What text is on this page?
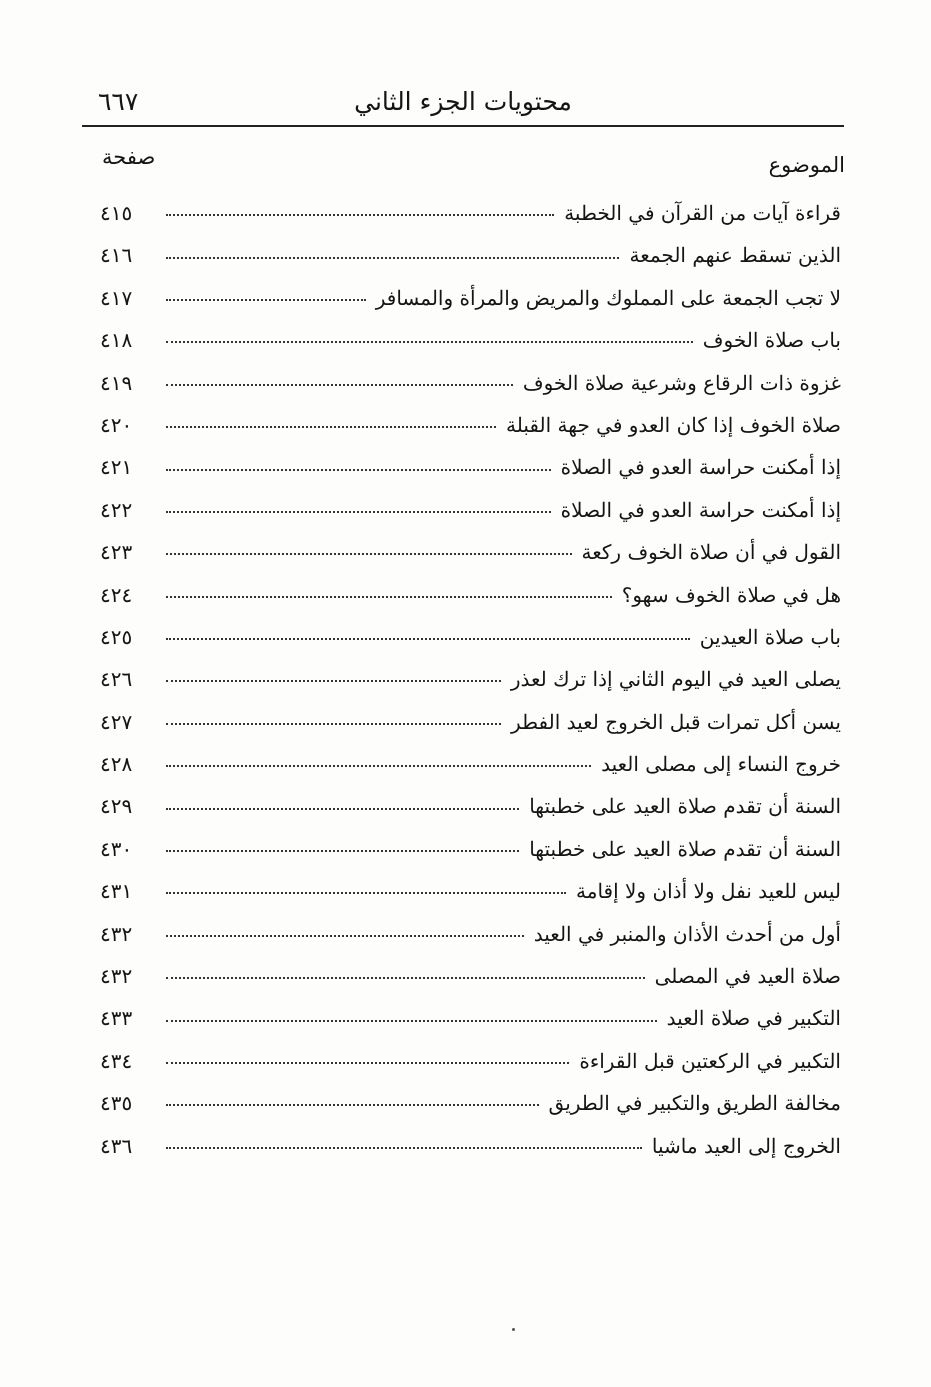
محتويات الجزء الثاني
٦٦٧
الموضوع
صفحة
قراءة آيات من القرآن في الخطبة
٤١٥
الذين تسقط عنهم الجمعة
٤١٦
لا تجب الجمعة على المملوك والمريض والمرأة والمسافر
٤١٧
باب صلاة الخوف
٤١٨
غزوة ذات الرقاع وشرعية صلاة الخوف
٤١٩
صلاة الخوف إذا كان العدو في جهة القبلة
٤٢٠
إذا أمكنت حراسة العدو في الصلاة
٤٢١
إذا أمكنت حراسة العدو في الصلاة
٤٢٢
القول في أن صلاة الخوف ركعة
٤٢٣
هل في صلاة الخوف سهو؟
٤٢٤
باب صلاة العيدين
٤٢٥
يصلى العيد في اليوم الثاني إذا ترك لعذر
٤٢٦
يسن أكل تمرات قبل الخروج لعيد الفطر
٤٢٧
خروج النساء إلى مصلى العيد
٤٢٨
السنة أن تقدم صلاة العيد على خطبتها
٤٢٩
السنة أن تقدم صلاة العيد على خطبتها
٤٣٠
ليس للعيد نفل ولا أذان ولا إقامة
٤٣١
أول من أحدث الأذان والمنبر في العيد
٤٣٢
صلاة العيد في المصلى
٤٣٢
التكبير في صلاة العيد
٤٣٣
التكبير في الركعتين قبل القراءة
٤٣٤
مخالفة الطريق والتكبير في الطريق
٤٣٥
الخروج إلى العيد ماشيا
٤٣٦
